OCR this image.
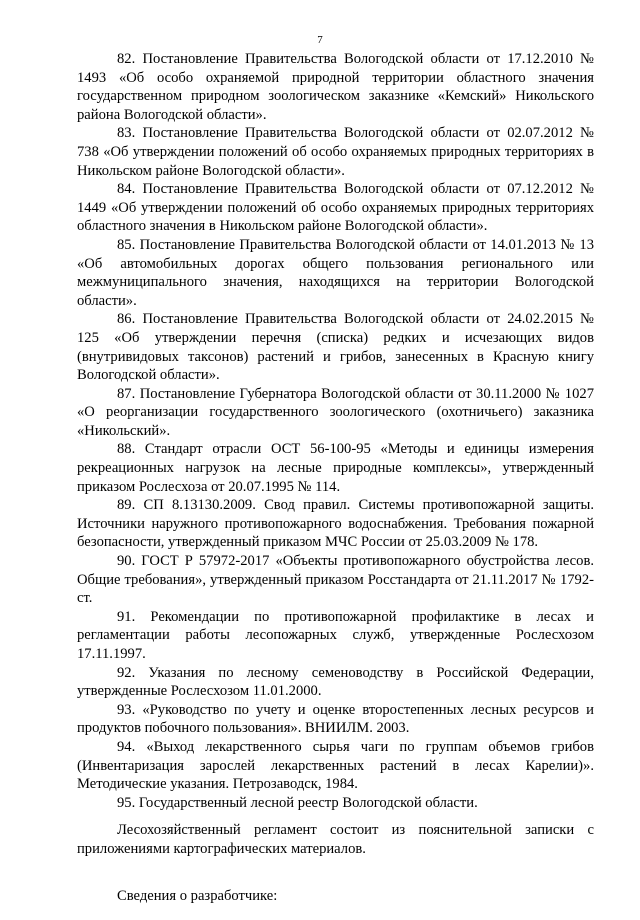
7

82. Постановление Правительства Вологодской области от 17.12.2010 № 1493 «Об особо охраняемой природной территории областного значения государственном природном зоологическом заказнике «Кемский» Никольского района Вологодской области».

83. Постановление Правительства Вологодской области от 02.07.2012 № 738 «Об утверждении положений об особо охраняемых природных территориях в Никольском районе Вологодской области».

84. Постановление Правительства Вологодской области от 07.12.2012 № 1449 «Об утверждении положений об особо охраняемых природных территориях областного значения в Никольском районе Вологодской области».

85. Постановление Правительства Вологодской области от 14.01.2013 № 13 «Об автомобильных дорогах общего пользования регионального или межмуниципального значения, находящихся на территории Вологодской области».

86. Постановление Правительства Вологодской области от 24.02.2015 № 125 «Об утверждении перечня (списка) редких и исчезающих видов (внутривидовых таксонов) растений и грибов, занесенных в Красную книгу Вологодской области».

87. Постановление Губернатора Вологодской области от 30.11.2000 № 1027 «О реорганизации государственного зоологического (охотничьего) заказника «Никольский».

88. Стандарт отрасли ОСТ 56-100-95 «Методы и единицы измерения рекреационных нагрузок на лесные природные комплексы», утвержденный приказом Рослесхоза от 20.07.1995 № 114.

89. СП 8.13130.2009. Свод правил. Системы противопожарной защиты. Источники наружного противопожарного водоснабжения. Требования пожарной безопасности, утвержденный приказом МЧС России от 25.03.2009 № 178.

90. ГОСТ Р 57972-2017 «Объекты противопожарного обустройства лесов. Общие требования», утвержденный приказом Росстандарта от 21.11.2017 № 1792-ст.

91. Рекомендации по противопожарной профилактике в лесах и регламентации работы лесопожарных служб, утвержденные Рослесхозом 17.11.1997.

92. Указания по лесному семеноводству в Российской Федерации, утвержденные Рослесхозом 11.01.2000.

93. «Руководство по учету и оценке второстепенных лесных ресурсов и продуктов побочного пользования». ВНИИЛМ. 2003.

94. «Выход лекарственного сырья чаги по группам объемов грибов (Инвентаризация зарослей лекарственных растений в лесах Карелии)». Методические указания. Петрозаводск, 1984.

95. Государственный лесной реестр Вологодской области.

Лесохозяйственный регламент состоит из пояснительной записки с приложениями картографических материалов.

Сведения о разработчике:
